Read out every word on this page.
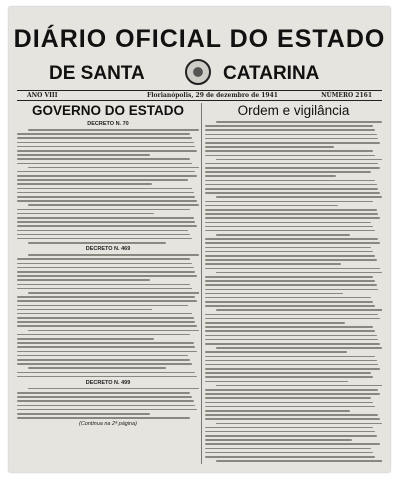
DIÁRIO OFICIAL DO ESTADO
DE SANTA	CATARINA
ANO VIII	Florianópolis, 29 de dezembro de 1941	NÚMERO 2161
GOVERNO DO ESTADO
DECRETO N. 70
DECRETO N. 469
DECRETO N. 499
(Continua na 2ª página)
Ordem e vigilância
